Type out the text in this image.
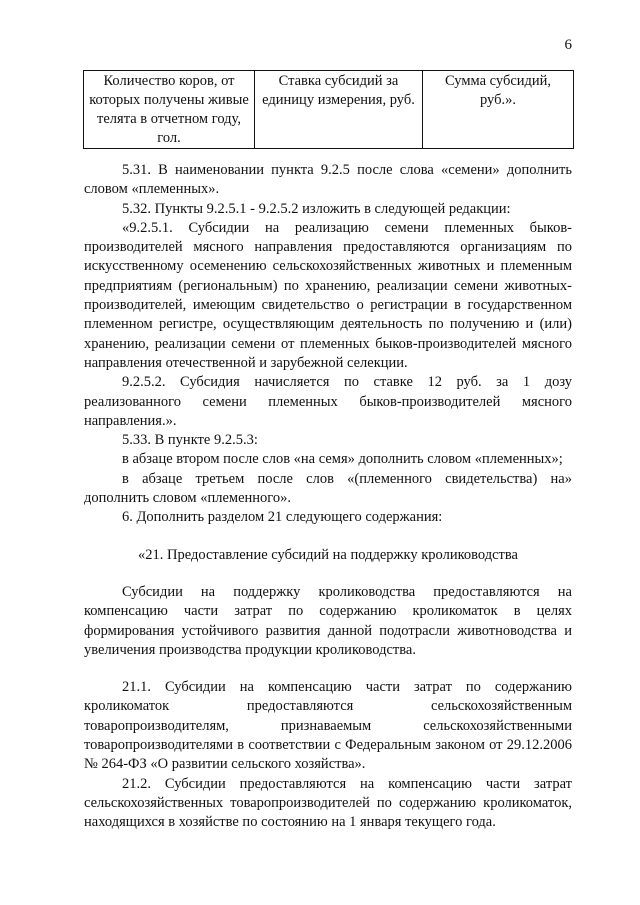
6
Количество коров, от которых получены живые телята в отчетном году, гол.	Ставка субсидий за единицу измерения, руб.	Сумма субсидий, руб.».

5.31. В наименовании пункта 9.2.5 после слова «семени» дополнить словом «племенных».

5.32. Пункты 9.2.5.1 - 9.2.5.2 изложить в следующей редакции:

«9.2.5.1. Субсидии на реализацию семени племенных быков-производителей мясного направления предоставляются организациям по искусственному осеменению сельскохозяйственных животных и племенным предприятиям (региональным) по хранению, реализации семени животных-производителей, имеющим свидетельство о регистрации в государственном племенном регистре, осуществляющим деятельность по получению и (или) хранению, реализации семени от племенных быков-производителей мясного направления отечественной и зарубежной селекции.

9.2.5.2. Субсидия начисляется по ставке 12 руб. за 1 дозу реализованного семени племенных быков-производителей мясного направления.».

5.33. В пункте 9.2.5.3:

в абзаце втором после слов «на семя» дополнить словом «племенных»;

в абзаце третьем после слов «(племенного свидетельства) на» дополнить словом «племенного».

6. Дополнить разделом 21 следующего содержания:

«21. Предоставление субсидий на поддержку кролиководства

Субсидии на поддержку кролиководства предоставляются на компенсацию части затрат по содержанию кроликоматок в целях формирования устойчивого развития данной подотрасли животноводства и увеличения производства продукции кролиководства.

21.1. Субсидии на компенсацию части затрат по содержанию кроликоматок предоставляются сельскохозяйственным товаропроизводителям, признаваемым сельскохозяйственными товаропроизводителями в соответствии с Федеральным законом от 29.12.2006 № 264-ФЗ «О развитии сельского хозяйства».

21.2. Субсидии предоставляются на компенсацию части затрат сельскохозяйственных товаропроизводителей по содержанию кроликоматок, находящихся в хозяйстве по состоянию на 1 января текущего года.
